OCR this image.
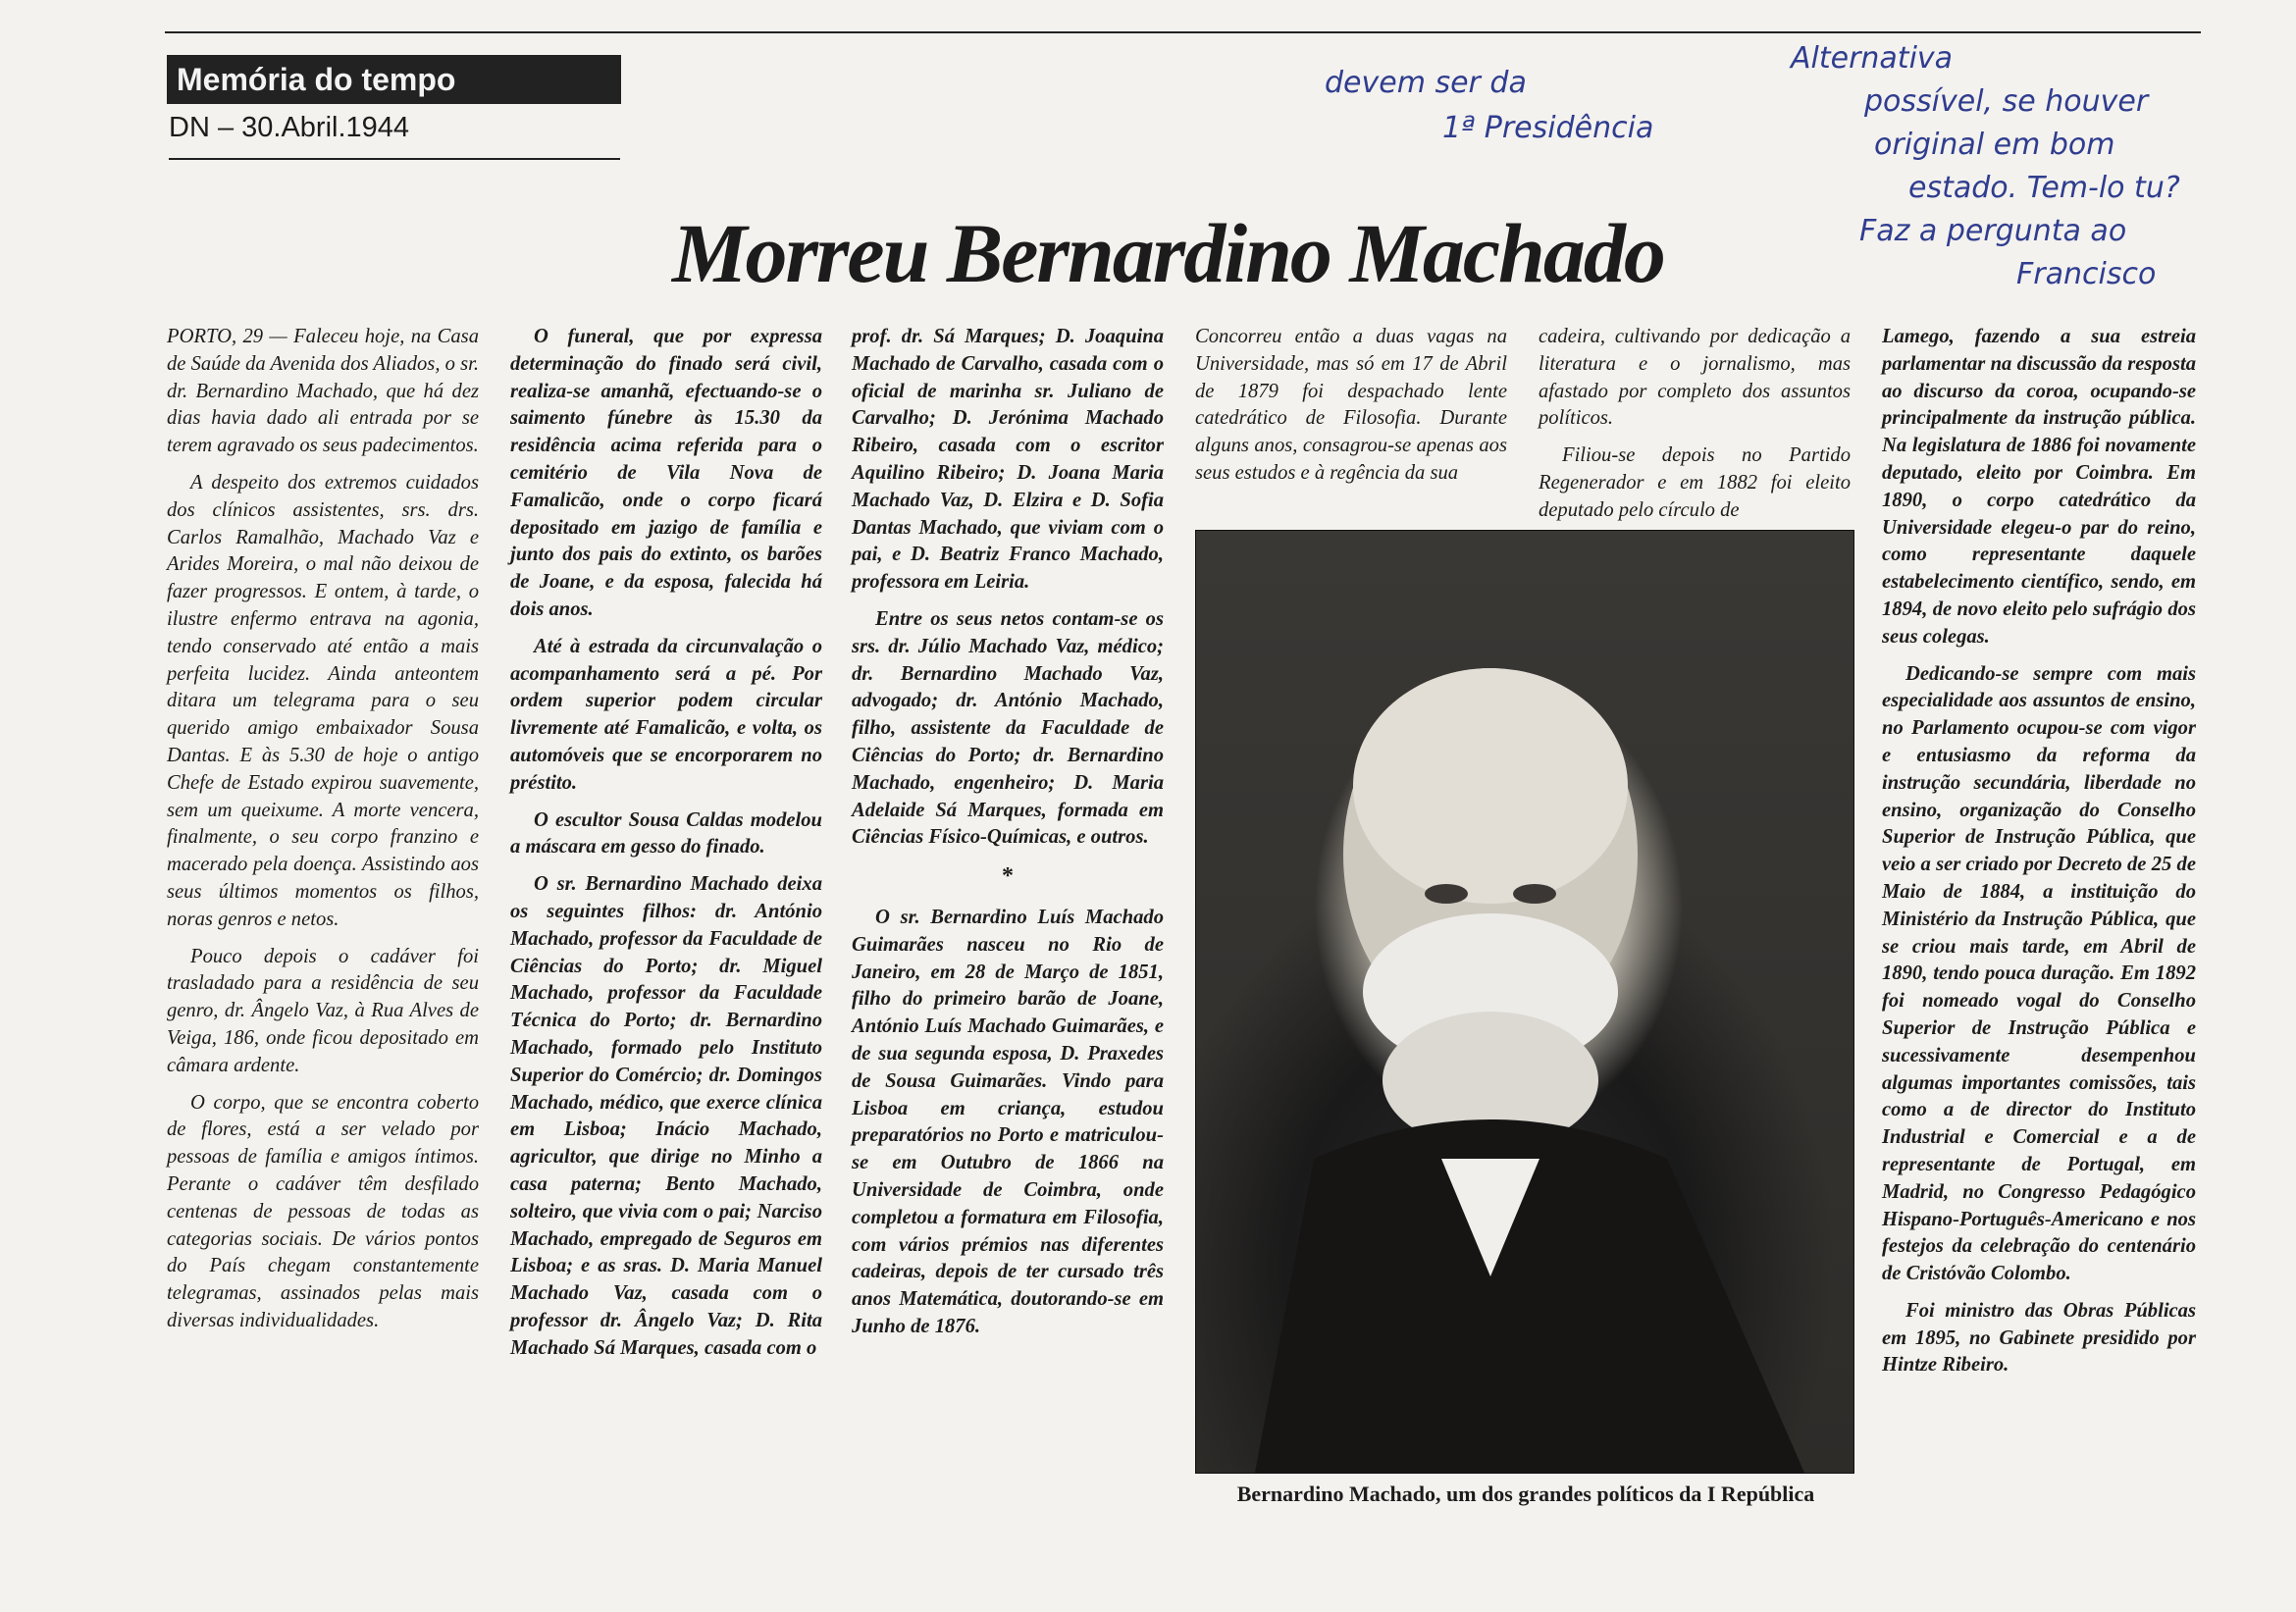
Memória do tempo
DN – 30.Abril.1944
Morreu Bernardino Machado
devem ser da
1ª Presidência
Alternativa
possível, se houver
original em bom
estado. Tem-lo tu?
Faz a pergunta ao
Francisco

PORTO, 29 — Faleceu hoje, na Casa de Saúde da Avenida dos Aliados, o sr. dr. Bernardino Machado, que há dez dias havia dado ali entrada por se terem agravado os seus padecimentos.

A despeito dos extremos cuidados dos clínicos assistentes, srs. drs. Carlos Ramalhão, Machado Vaz e Arides Moreira, o mal não deixou de fazer progressos. E ontem, à tarde, o ilustre enfermo entrava na agonia, tendo conservado até então a mais perfeita lucidez. Ainda anteontem ditara um telegrama para o seu querido amigo embaixador Sousa Dantas. E às 5.30 de hoje o antigo Chefe de Estado expirou suavemente, sem um queixume. A morte vencera, finalmente, o seu corpo franzino e macerado pela doença. Assistindo aos seus últimos momentos os filhos, noras genros e netos.

Pouco depois o cadáver foi trasladado para a residência de seu genro, dr. Ângelo Vaz, à Rua Alves de Veiga, 186, onde ficou depositado em câmara ardente.

O corpo, que se encontra coberto de flores, está a ser velado por pessoas de família e amigos íntimos. Perante o cadáver têm desfilado centenas de pessoas de todas as categorias sociais. De vários pontos do País chegam constantemente telegramas, assinados pelas mais diversas individualidades.

O funeral, que por expressa determinação do finado será civil, realiza-se amanhã, efectuando-se o saimento fúnebre às 15.30 da residência acima referida para o cemitério de Vila Nova de Famalicão, onde o corpo ficará depositado em jazigo de família e junto dos pais do extinto, os barões de Joane, e da esposa, falecida há dois anos.

Até à estrada da circunvalação o acompanhamento será a pé. Por ordem superior podem circular livremente até Famalicão, e volta, os automóveis que se encorporarem no préstito.

O escultor Sousa Caldas modelou a máscara em gesso do finado.

O sr. Bernardino Machado deixa os seguintes filhos: dr. António Machado, professor da Faculdade de Ciências do Porto; dr. Miguel Machado, professor da Faculdade Técnica do Porto; dr. Bernardino Machado, formado pelo Instituto Superior do Comércio; dr. Domingos Machado, médico, que exerce clínica em Lisboa; Inácio Machado, agricultor, que dirige no Minho a casa paterna; Bento Machado, solteiro, que vivia com o pai; Narciso Machado, empregado de Seguros em Lisboa; e as sras. D. Maria Manuel Machado Vaz, casada com o professor dr. Ângelo Vaz; D. Rita Machado Sá Marques, casada com o

prof. dr. Sá Marques; D. Joaquina Machado de Carvalho, casada com o oficial de marinha sr. Juliano de Carvalho; D. Jerónima Machado Ribeiro, casada com o escritor Aquilino Ribeiro; D. Joana Maria Machado Vaz, D. Elzira e D. Sofia Dantas Machado, que viviam com o pai, e D. Beatriz Franco Machado, professora em Leiria.

Entre os seus netos contam-se os srs. dr. Júlio Machado Vaz, médico; dr. Bernardino Machado Vaz, advogado; dr. António Machado, filho, assistente da Faculdade de Ciências do Porto; dr. Bernardino Machado, engenheiro; D. Maria Adelaide Sá Marques, formada em Ciências Físico-Químicas, e outros.

*

O sr. Bernardino Luís Machado Guimarães nasceu no Rio de Janeiro, em 28 de Março de 1851, filho do primeiro barão de Joane, António Luís Machado Guimarães, e de sua segunda esposa, D. Praxedes de Sousa Guimarães. Vindo para Lisboa em criança, estudou preparatórios no Porto e matriculou-se em Outubro de 1866 na Universidade de Coimbra, onde completou a formatura em Filosofia, com vários prémios nas diferentes cadeiras, depois de ter cursado três anos Matemática, doutorando-se em Junho de 1876.

Concorreu então a duas vagas na Universidade, mas só em 17 de Abril de 1879 foi despachado lente catedrático de Filosofia. Durante alguns anos, consagrou-se apenas aos seus estudos e à regência da sua

cadeira, cultivando por dedicação a literatura e o jornalismo, mas afastado por completo dos assuntos políticos.

Filiou-se depois no Partido Regenerador e em 1882 foi eleito deputado pelo círculo de

Lamego, fazendo a sua estreia parlamentar na discussão da resposta ao discurso da coroa, ocupando-se principalmente da instrução pública. Na legislatura de 1886 foi novamente deputado, eleito por Coimbra. Em 1890, o corpo catedrático da Universidade elegeu-o par do reino, como representante daquele estabelecimento científico, sendo, em 1894, de novo eleito pelo sufrágio dos seus colegas.

Dedicando-se sempre com mais especialidade aos assuntos de ensino, no Parlamento ocupou-se com vigor e entusiasmo da reforma da instrução secundária, liberdade no ensino, organização do Conselho Superior de Instrução Pública, que veio a ser criado por Decreto de 25 de Maio de 1884, a instituição do Ministério da Instrução Pública, que se criou mais tarde, em Abril de 1890, tendo pouca duração. Em 1892 foi nomeado vogal do Conselho Superior de Instrução Pública e sucessivamente desempenhou algumas importantes comissões, tais como a de director do Instituto Industrial e Comercial e a de representante de Portugal, em Madrid, no Congresso Pedagógico Hispano-Português-Americano e nos festejos da celebração do centenário de Cristóvão Colombo.

Foi ministro das Obras Públicas em 1895, no Gabinete presidido por Hintze Ribeiro.

Bernardino Machado, um dos grandes políticos da I República
